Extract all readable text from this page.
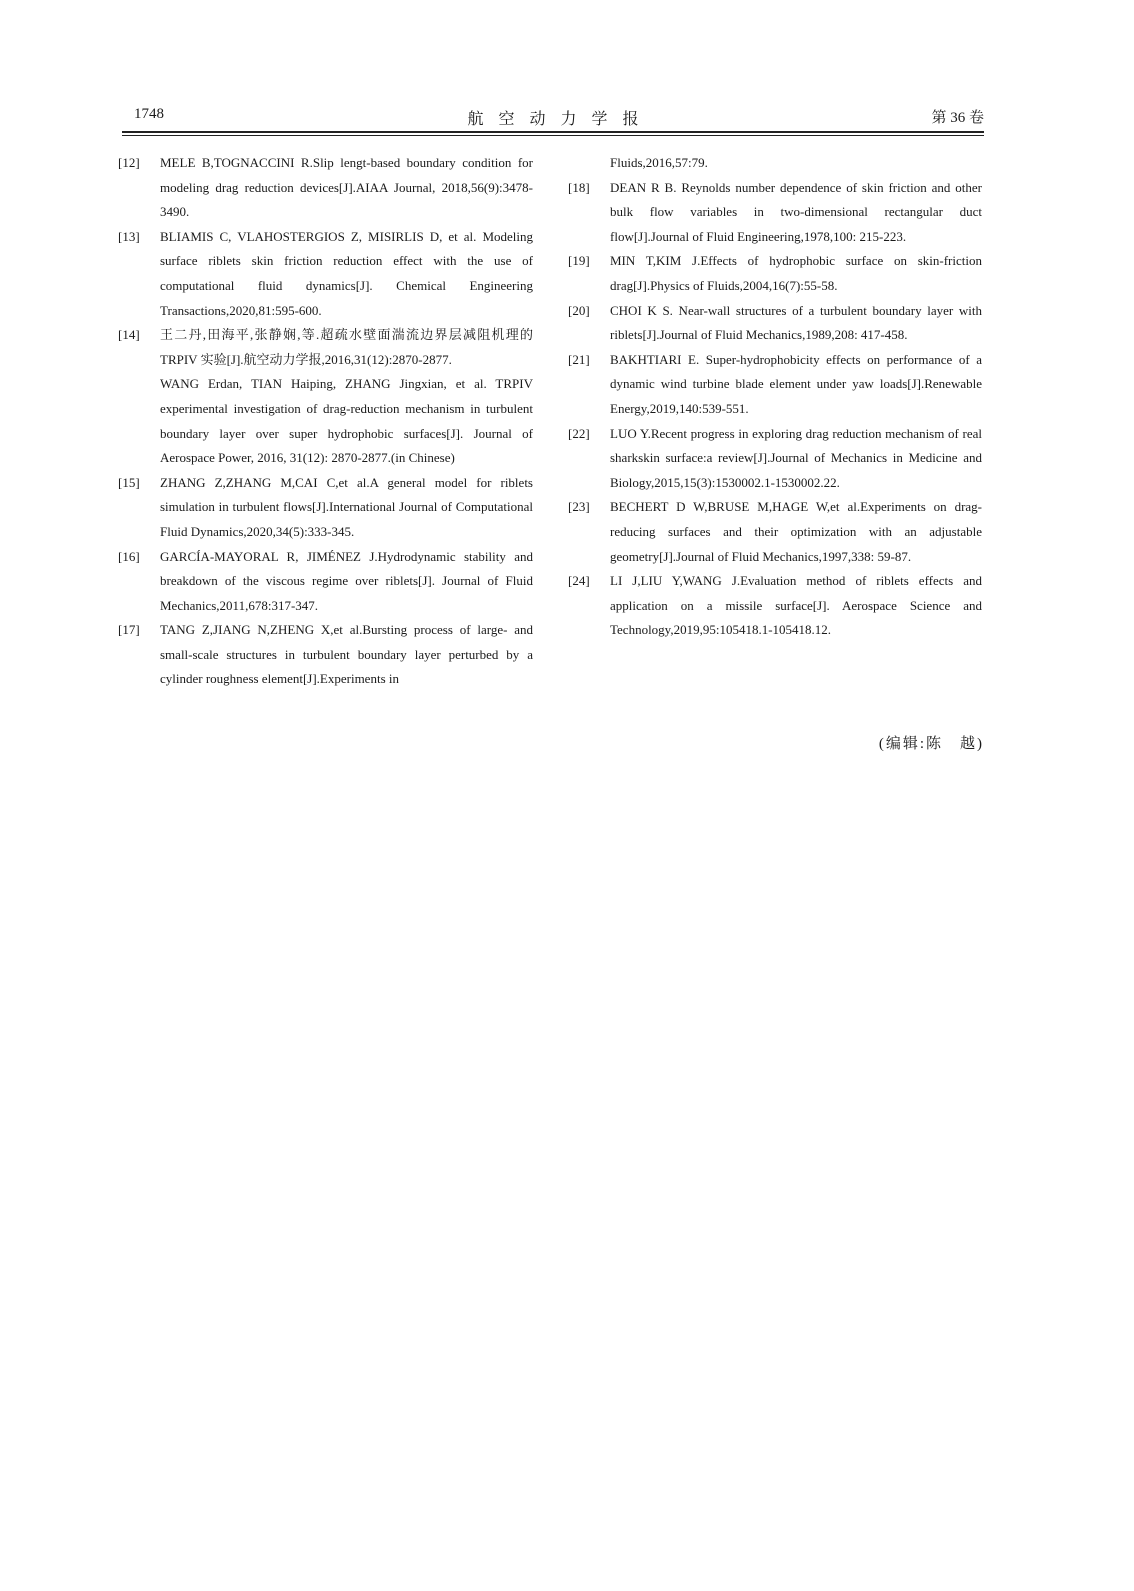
1748	航空动力学报	第 36 卷
[12] MELE B,TOGNACCINI R.Slip lengt-based boundary condition for modeling drag reduction devices[J].AIAA Journal, 2018,56(9):3478-3490.
[13] BLIAMIS C, VLAHOSTERGIOS Z, MISIRLIS D, et al. Modeling surface riblets skin friction reduction effect with the use of computational fluid dynamics[J]. Chemical Engineering Transactions,2020,81:595-600.
[14] 王二丹,田海平,张静娴,等.超疏水壁面湍流边界层减阻机理的 TRPIV 实验[J].航空动力学报,2016,31(12):2870-2877.
WANG Erdan, TIAN Haiping, ZHANG Jingxian, et al. TRPIV experimental investigation of drag-reduction mechanism in turbulent boundary layer over super hydrophobic surfaces[J]. Journal of Aerospace Power, 2016, 31(12): 2870-2877.(in Chinese)
[15] ZHANG Z,ZHANG M,CAI C,et al.A general model for riblets simulation in turbulent flows[J].International Journal of Computational Fluid Dynamics,2020,34(5):333-345.
[16] GARCÍA-MAYORAL R, JIMÉNEZ J.Hydrodynamic stability and breakdown of the viscous regime over riblets[J]. Journal of Fluid Mechanics,2011,678:317-347.
[17] TANG Z,JIANG N,ZHENG X,et al.Bursting process of large- and small-scale structures in turbulent boundary layer perturbed by a cylinder roughness element[J].Experiments in
Fluids,2016,57:79.
[18] DEAN R B. Reynolds number dependence of skin friction and other bulk flow variables in two-dimensional rectangular duct flow[J].Journal of Fluid Engineering,1978,100: 215-223.
[19] MIN T,KIM J.Effects of hydrophobic surface on skin-friction drag[J].Physics of Fluids,2004,16(7):55-58.
[20] CHOI K S. Near-wall structures of a turbulent boundary layer with riblets[J].Journal of Fluid Mechanics,1989,208: 417-458.
[21] BAKHTIARI E. Super-hydrophobicity effects on performance of a dynamic wind turbine blade element under yaw loads[J].Renewable Energy,2019,140:539-551.
[22] LUO Y.Recent progress in exploring drag reduction mechanism of real sharkskin surface:a review[J].Journal of Mechanics in Medicine and Biology,2015,15(3):1530002.1-1530002.22.
[23] BECHERT D W,BRUSE M,HAGE W,et al.Experiments on drag-reducing surfaces and their optimization with an adjustable geometry[J].Journal of Fluid Mechanics,1997,338: 59-87.
[24] LI J,LIU Y,WANG J.Evaluation method of riblets effects and application on a missile surface[J]. Aerospace Science and Technology,2019,95:105418.1-105418.12.
(编辑:陈　越)
